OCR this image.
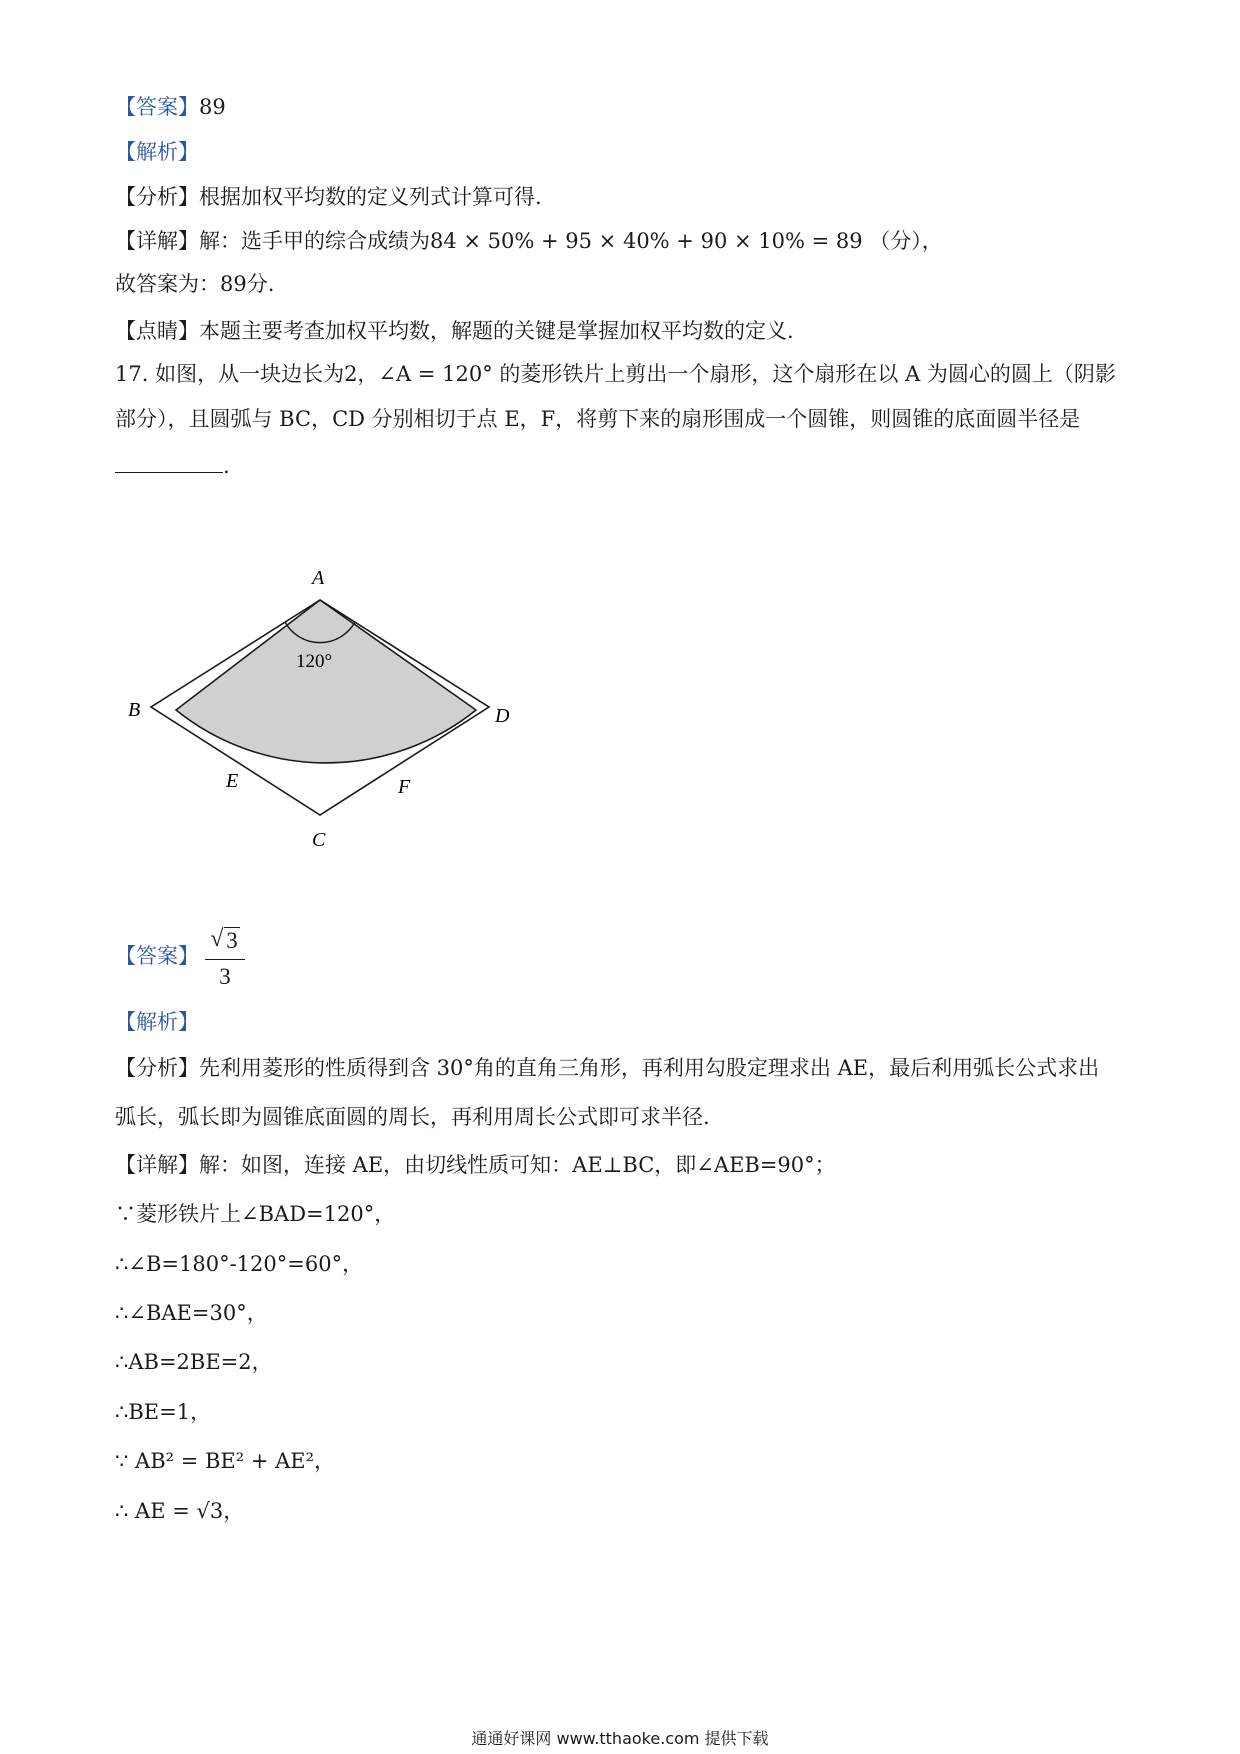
【答案】89
【解析】
【分析】根据加权平均数的定义列式计算可得.
【详解】解：选手甲的综合成绩为84 × 50% + 95 × 40% + 90 × 10% = 89 （分），
故答案为：89分.
【点睛】本题主要考查加权平均数，解题的关键是掌握加权平均数的定义.
17. 如图，从一块边长为2，∠A = 120° 的菱形铁片上剪出一个扇形，这个扇形在以 A 为圆心的圆上（阴影
部分），且圆弧与 BC，CD 分别相切于点 E，F，将剪下来的扇形围成一个圆锥，则圆锥的底面圆半径是
.
A
B
C
D
E	F
120°
【答案】
√ 3
3
【解析】
【分析】先利用菱形的性质得到含 30°角的直角三角形，再利用勾股定理求出 AE，最后利用弧长公式求出
弧长，弧长即为圆锥底面圆的周长，再利用周长公式即可求半径.
【详解】解：如图，连接 AE，由切线性质可知：AE⊥BC，即∠AEB=90°；
∵菱形铁片上∠BAD=120°，
∴∠B=180°-120°=60°，
∴∠BAE=30°，
∴AB=2BE=2，
∴BE=1，
∵ AB² = BE² + AE²，
∴ AE = √3，
通通好课网 www.tthaoke.com 提供下载
